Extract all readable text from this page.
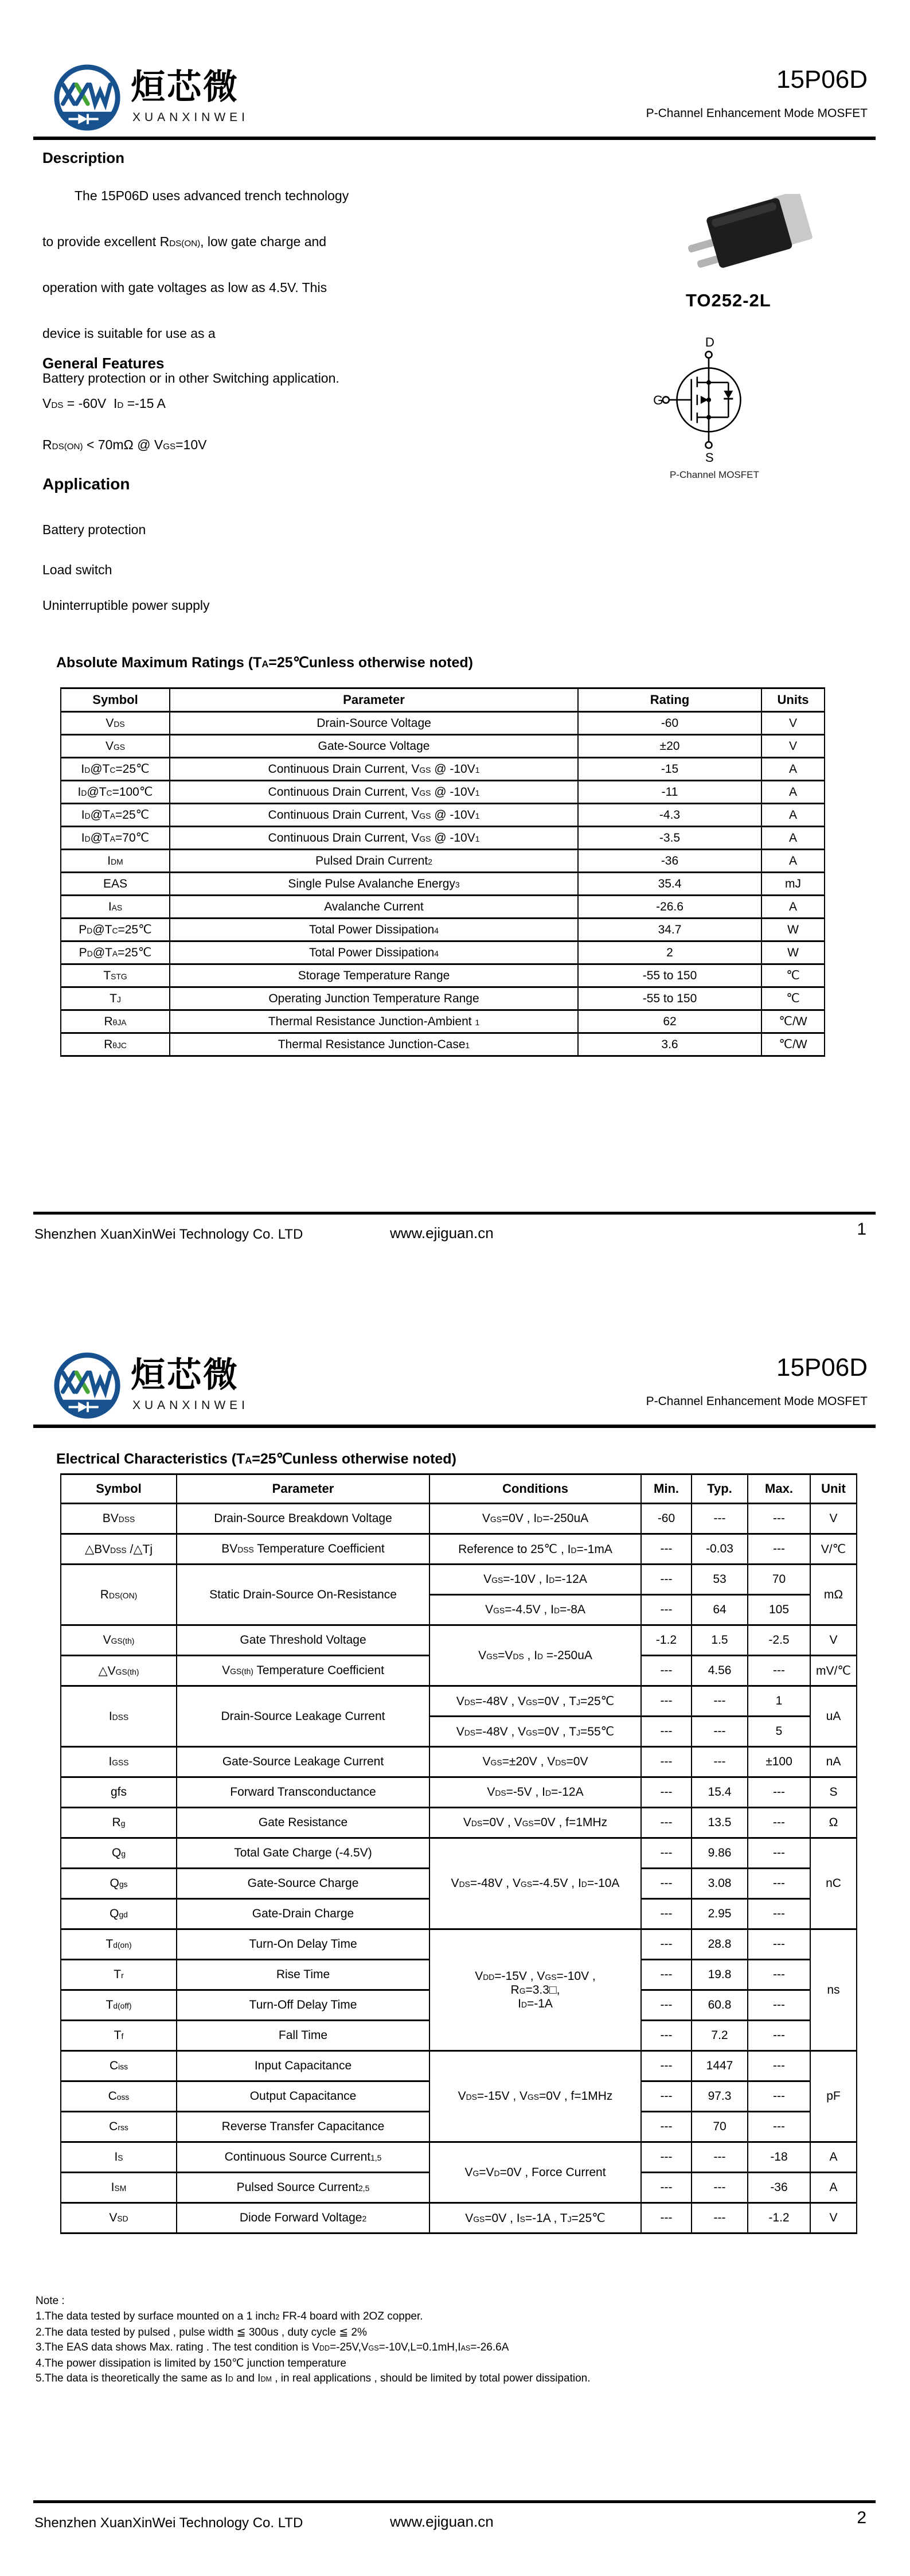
烜芯微
XUANXINWEI
15P06D
P-Channel Enhancement Mode MOSFET
Description
The 15P06D uses advanced trench technology
to provide excellent $R_{DS(ON)}$, low gate charge and
operation with gate voltages as low as 4.5V. This
device is suitable for use as a
Battery protection or in other Switching application.
TO252-2L
D
G
S
P-Channel MOSFET
General Features
$V_{DS} = -60V$  $I_D =-15$ A
$R_{DS(ON)} < 70m\Omega$ @ $V_{GS}=10V$
Application
Battery protection
Load switch
Uninterruptible power supply
Absolute Maximum Ratings ($T_A=25℃unless$ otherwise noted)
Symbol	Parameter	Rating	Units
$V_{DS}$	Drain-Source Voltage	-60	V
$V_{GS}$	Gate-Source Voltage	±20	V
$I_D@T_C=25℃$	Continuous Drain Current, $V_{GS}$ @ $-10V^1$	-15	A
$I_D@T_C=100℃$	Continuous Drain Current, $V_{GS}$ @ $-10V^1$	-11	A
$I_D@T_A=25℃$	Continuous Drain Current, $V_{GS}$ @ $-10V^1$	-4.3	A
$I_D@T_A=70℃$	Continuous Drain Current, $V_{GS}$ @ $-10V^1$	-3.5	A
$I_{DM}$	Pulsed Drain Current$^2$	-36	A
EAS	Single Pulse Avalanche Energy$^3$	35.4	mJ
$I_{AS}$	Avalanche Current	-26.6	A
$P_D@T_C=25℃$	Total Power Dissipation$^4$	34.7	W
$P_D@T_A=25℃$	Total Power Dissipation$^4$	2	W
$T_{STG}$	Storage Temperature Range	-55 to 150	℃
$T_J$	Operating Junction Temperature Range	-55 to 150	℃
$R_{\theta JA}$	Thermal Resistance Junction-Ambient $^1$	62	℃/W
$R_{\theta JC}$	Thermal Resistance Junction-Case$^1$	3.6	℃/W
Shenzhen XuanXinWei Technology Co. LTD	www.ejiguan.cn	1
烜芯微
XUANXINWEI
15P06D
P-Channel Enhancement Mode MOSFET
Electrical Characteristics ($T_A=25℃unless$ otherwise noted)
Symbol	Parameter	Conditions	Min.	Typ.	Max.	Unit
$BV_{DSS}$	Drain-Source Breakdown Voltage	$V_{GS}=0V$ , $I_D=-250uA$	-60	---	---	V
$\triangle BV_{DSS}$ /△Tj	$BV_{DSS}$ Temperature Coefficient	Reference to 25℃ , $I_D=-1mA$	---	-0.03	---	V/℃
$R_{DS(ON)}$	Static Drain-Source On-Resistance	$V_{GS}=-10V$ , $I_D=-12A$	---	53	70	mΩ
		$V_{GS}=-4.5V$ , $I_D=-8A$	---	64	105	
$V_{GS(th)}$	Gate Threshold Voltage	$V_{GS}=V_{DS}$ , $I_D =-250uA$	-1.2	1.5	-2.5	V
$\triangle V_{GS(th)}$	$V_{GS(th)}$ Temperature Coefficient		---	4.56	---	mV/℃
$I_{DSS}$	Drain-Source Leakage Current	$V_{DS}=-48V$ , $V_{GS}=0V$ , $T_J=25℃$	---	---	1	uA
		$V_{DS}=-48V$ , $V_{GS}=0V$ , $T_J=55℃$	---	---	5	
$I_{GSS}$	Gate-Source Leakage Current	$V_{GS}=\pm 20V$ , $V_{DS}=0V$	---	---	±100	nA
gfs	Forward Transconductance	$V_{DS}=-5V$ , $I_D=-12A$	---	15.4	---	S
$R_g$	Gate Resistance	$V_{DS}=0V$ , $V_{GS}=0V$ , f=1MHz	---	13.5	---	Ω
$Q_g$	Total Gate Charge (-4.5V)	$V_{DS}=-48V$ , $V_{GS}=-4.5V$ , $I_D=-10A$	---	9.86	---	nC
$Q_{gs}$	Gate-Source Charge		---	3.08	---	
$Q_{gd}$	Gate-Drain Charge		---	2.95	---	
$T_{d(on)}$	Turn-On Delay Time	$V_{DD}=-15V$ , $V_{GS}=-10V$ ,
$R_G=3.3□$,
$I_D=-1A$	---	28.8	---	ns
$T_r$	Rise Time		---	19.8	---	
$T_{d(off)}$	Turn-Off Delay Time		---	60.8	---	
$T_f$	Fall Time		---	7.2	---	
$C_{iss}$	Input Capacitance	$V_{DS}=-15V$ , $V_{GS}=0V$ , f=1MHz	---	1447	---	pF
$C_{oss}$	Output Capacitance		---	97.3	---	
$C_{rss}$	Reverse Transfer Capacitance		---	70	---	
$I_S$	Continuous Source Current$^{1,5}$	$V_G=V_D=0V$ , Force Current	---	---	-18	A
$I_{SM}$	Pulsed Source Current$^{2,5}$		---	---	-36	A
$V_{SD}$	Diode Forward Voltage$^2$	$V_{GS}=0V$ , $I_S=-1A$ , $T_J=25℃$	---	---	-1.2	V
Note :
1.The data tested by surface mounted on a 1 inch$^2$ FR-4 board with 2OZ copper.
2.The data tested by pulsed , pulse width ≦ 300us , duty cycle ≦ 2%
3.The EAS data shows Max. rating . The test condition is $V_{DD}=-25V,V_{GS}=-10V,L=0.1mH,I_{AS}=-26.6A$
4.The power dissipation is limited by 150℃ junction temperature
5.The data is theoretically the same as $I_D$ and $I_{DM}$ , in real applications , should be limited by total power dissipation.
Shenzhen XuanXinWei Technology Co. LTD	www.ejiguan.cn	2
